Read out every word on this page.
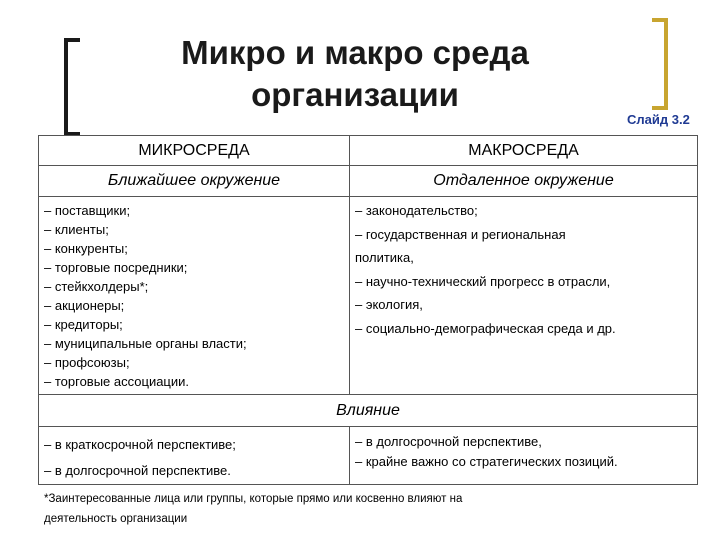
Микро и макро среда
организации
Слайд 3.2
МИКРОСРЕДА	МАКРОСРЕДА
Ближайшее окружение	Отдаленное окружение
– поставщики;
– клиенты;
– конкуренты;
– торговые посредники;
– стейкхолдеры*;
– акционеры;
– кредиторы;
– муниципальные органы власти;
– профсоюзы;
– торговые ассоциации.
– законодательство;
– государственная и региональная
политика,
– научно-технический прогресс в отрасли,
– экология,
– социально-демографическая среда и др.
Влияние
– в краткосрочной перспективе;
– в долгосрочной перспективе.
– в долгосрочной перспективе,
– крайне важно со стратегических позиций.
*Заинтересованные лица или группы, которые прямо или косвенно влияют на
деятельность организации
